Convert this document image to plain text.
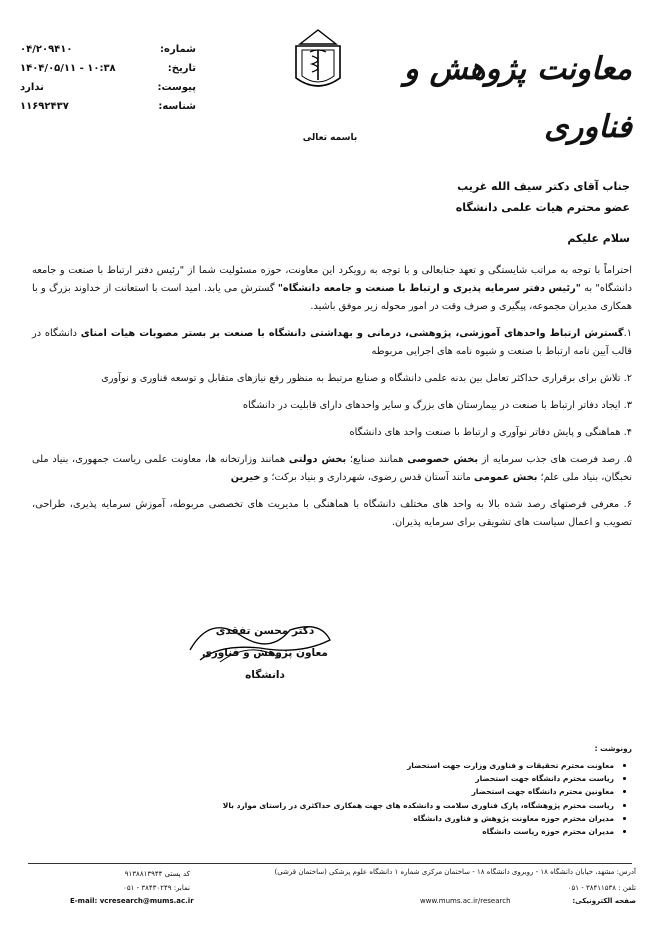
معاونت پژوهش و فناوری
شماره:
۰۴/۲۰۹۴۱۰
تاریخ:
۱۴۰۴/۰۵/۱۱ - ۱۰:۳۸
پیوست:
ندارد
شناسه:
۱۱۶۹۲۴۳۷
باسمه تعالی
جناب آقای دکتر سیف الله غریب
عضو محترم هیات علمی دانشگاه
سلام علیکم

احتراماً با توجه به مراتب شایستگی و تعهد جنابعالی و با توجه به رویکرد این معاونت، حوزه مسئولیت شما از "رئیس دفتر ارتباط با صنعت و جامعه دانشگاه" به "رئیس دفتر سرمایه پذیری و ارتباط با صنعت و جامعه دانشگاه" گسترش می یابد. امید است با استعانت از خداوند بزرگ و با همکاری مدیران مجموعه، پیگیری و صرف وقت در امور محوله زیر موفق باشید.

۱.گسترش ارتباط واحدهای آموزشی، پژوهشی، درمانی و بهداشتی دانشگاه با صنعت بر بستر مصوبات هیات امنای دانشگاه در قالب آیین نامه ارتباط با صنعت و شیوه نامه های اجرایی مربوطه

۲. تلاش برای برقراری حداکثر تعامل بین بدنه علمی دانشگاه و صنایع مرتبط به منظور رفع نیازهای متقابل و توسعه فناوری و نوآوری

۳. ایجاد دفاتر ارتباط با صنعت در بیمارستان های بزرگ و سایر واحدهای دارای قابلیت در دانشگاه

۴. هماهنگی و پایش دفاتر نوآوری و ارتباط با صنعت واحد های دانشگاه

۵. رصد فرصت های جذب سرمایه از بخش خصوصی همانند صنایع؛ بخش دولتی همانند وزارتخانه ها، معاونت علمی ریاست جمهوری، بنیاد ملی نخبگان، بنیاد ملی علم؛ بخش عمومی مانند آستان قدس رضوی، شهرداری و بنیاد برکت؛ و خیرین

۶. معرفی فرصتهای رصد شده بالا به واحد های مختلف دانشگاه با هماهنگی با مدیریت های تخصصی مربوطه، آموزش سرمایه پذیری، طراحی، تصویب و اعمال سیاست های تشویقی برای سرمایه پذیران.

دکتر محسن تفقدی
معاون پژوهش و فناوری دانشگاه
رونوشت :
معاونت محترم تحقیقات و فناوری وزارت جهت استحضار
ریاست محترم دانشگاه جهت استحضار
معاونین محترم دانشگاه جهت استحضار
ریاست محترم پژوهشگاه، پارک فناوری سلامت و دانشکده های جهت همکاری حداکثری در راستای موارد بالا
مدیران محترم حوزه معاونت پژوهش و فناوری دانشگاه
مدیران محترم حوزه ریاست دانشگاه
آدرس: مشهد، خیابان دانشگاه ۱۸ - روبروی دانشگاه ۱۸ - ساختمان مرکزی شماره ۱ دانشگاه علوم پزشکی (ساختمان قرشی)
تلفن : ۳۸۴۱۱۵۳۸ - ۰۵۱
www.mums.ac.ir/research	صفحه الکترونیکی:
کد پستی ۹۱۳۸۸۱۳۹۴۴
نمابر: ۳۸۴۳۰۲۴۹ - ۰۵۱
E-mail: vcresearch@mums.ac.ir
